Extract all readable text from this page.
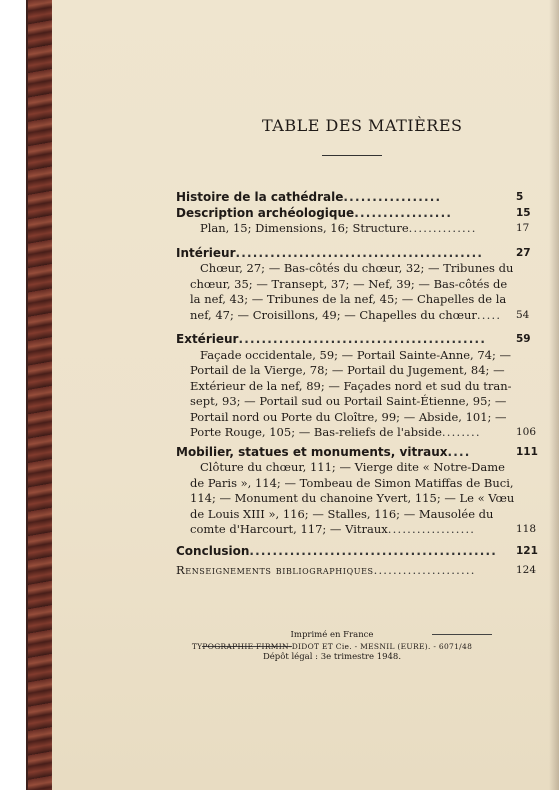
TABLE DES MATIÈRES
Histoire de la cathédrale.................	5
Description archéologique.................	15
Plan, 15; Dimensions, 16; Structure..............	17
Intérieur...........................................	27
Chœur, 27; — Bas-côtés du chœur, 32; — Tribunes du
chœur, 35; — Transept, 37; — Nef, 39; — Bas-côtés de
la nef, 43; — Tribunes de la nef, 45; — Chapelles de la
nef, 47; — Croisillons, 49; — Chapelles du chœur..... 54
Extérieur...........................................	59
Façade occidentale, 59; — Portail Sainte-Anne, 74; —
Portail de la Vierge, 78; — Portail du Jugement, 84; —
Extérieur de la nef, 89; — Façades nord et sud du tran-
sept, 93; — Portail sud ou Portail Saint-Étienne, 95; —
Portail nord ou Porte du Cloître, 99; — Abside, 101; —
Porte Rouge, 105; — Bas-reliefs de l'abside........	106
Mobilier, statues et monuments, vitraux....	111
Clôture du chœur, 111; — Vierge dite « Notre-Dame
de Paris », 114; — Tombeau de Simon Matiffas de Buci,
114; — Monument du chanoine Yvert, 115; — Le « Vœu
de Louis XIII », 116; — Stalles, 116; — Mausolée du
comte d'Harcourt, 117; — Vitraux..................	118
Conclusion........................................... 121
Renseignements bibliographiques.....................	124
Imprimé en France
TYPOGRAPHIE FIRMIN-DIDOT ET Cie. - MESNIL (EURE). - 6071/48
Dépôt légal : 3e trimestre 1948.
